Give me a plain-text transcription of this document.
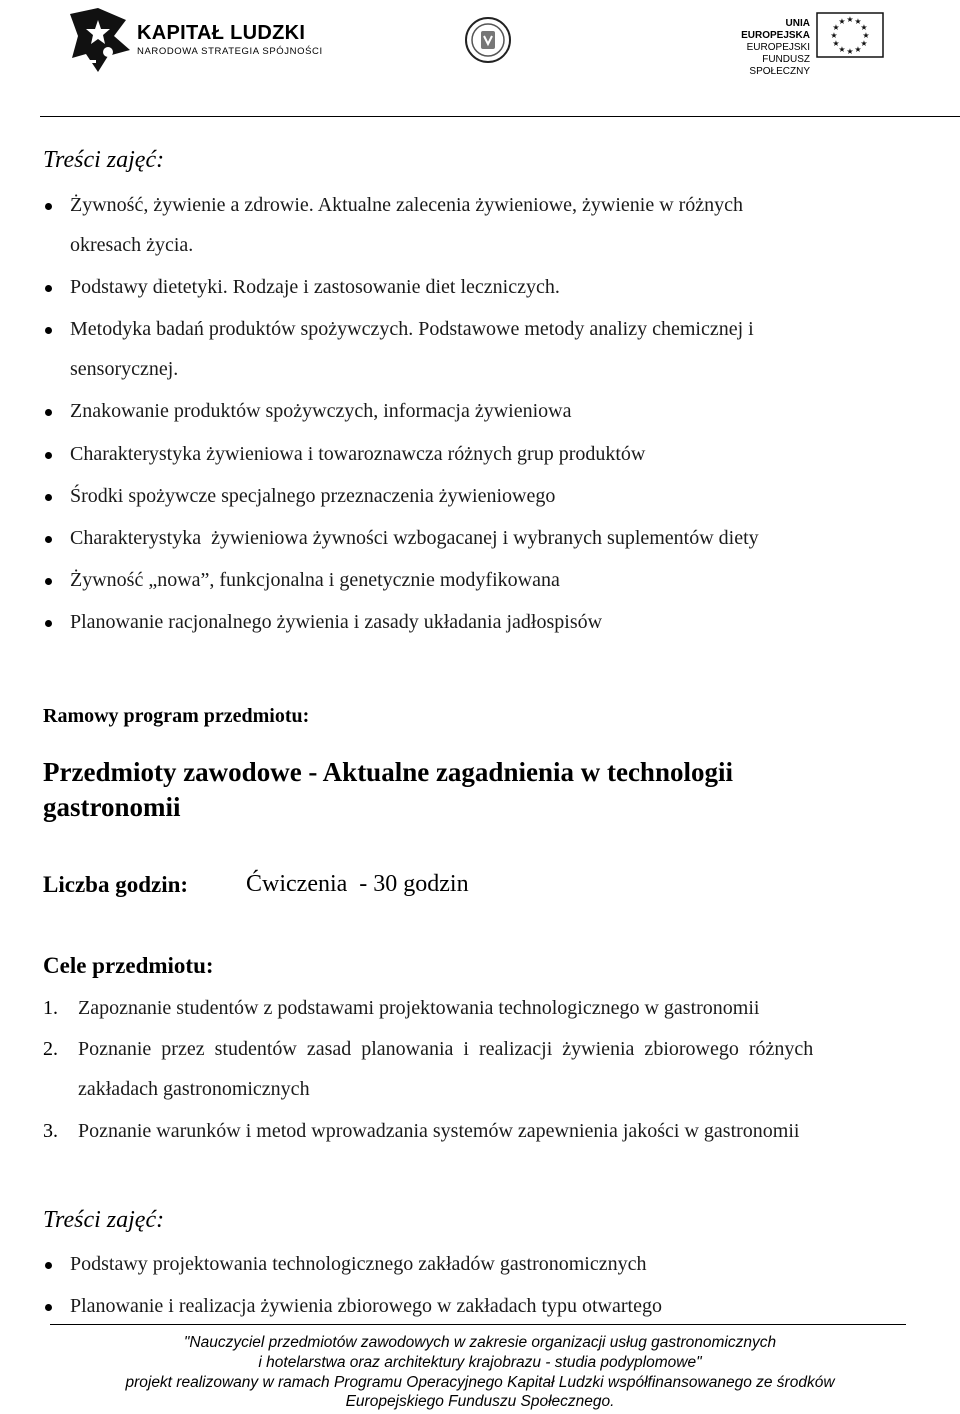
KAPITAŁ LUDZKI
NARODOWA STRATEGIA SPÓJNOŚCI
UNIA EUROPEJSKA
EUROPEJSKI
FUNDUSZ SPOŁECZNY
★ ★
★
★
★
★
★
★
★
★
★
★
Treści zajęć:
Żywność, żywienie a zdrowie. Aktualne zalecenia żywieniowe, żywienie w różnych
okresach życia.
Podstawy dietetyki. Rodzaje i zastosowanie diet leczniczych.
Metodyka badań produktów spożywczych. Podstawowe metody analizy chemicznej i
sensorycznej.
Znakowanie produktów spożywczych, informacja żywieniowa
Charakterystyka żywieniowa i towaroznawcza różnych grup produktów
Środki spożywcze specjalnego przeznaczenia żywieniowego
Charakterystyka  żywieniowa żywności wzbogacanej i wybranych suplementów diety
Żywność „nowa”, funkcjonalna i genetycznie modyfikowana
Planowanie racjonalnego żywienia i zasady układania jadłospisów
Ramowy program przedmiotu:
Przedmioty zawodowe - Aktualne zagadnienia w technologii
gastronomii
Liczba godzin: Ćwiczenia  - 30 godzin
Cele przedmiotu:
1. Zapoznanie studentów z podstawami projektowania technologicznego w gastronomii
2. Poznanie  przez  studentów  zasad  planowania  i  realizacji  żywienia  zbiorowego  różnych
zakładach gastronomicznych
3. Poznanie warunków i metod wprowadzania systemów zapewnienia jakości w gastronomii
Treści zajęć:
Podstawy projektowania technologicznego zakładów gastronomicznych
Planowanie i realizacja żywienia zbiorowego w zakładach typu otwartego
"Nauczyciel przedmiotów zawodowych w zakresie organizacji usług gastronomicznych
i hotelarstwa oraz architektury krajobrazu - studia podyplomowe"
projekt realizowany w ramach Programu Operacyjnego Kapitał Ludzki współfinansowanego ze środków
Europejskiego Funduszu Społecznego.
